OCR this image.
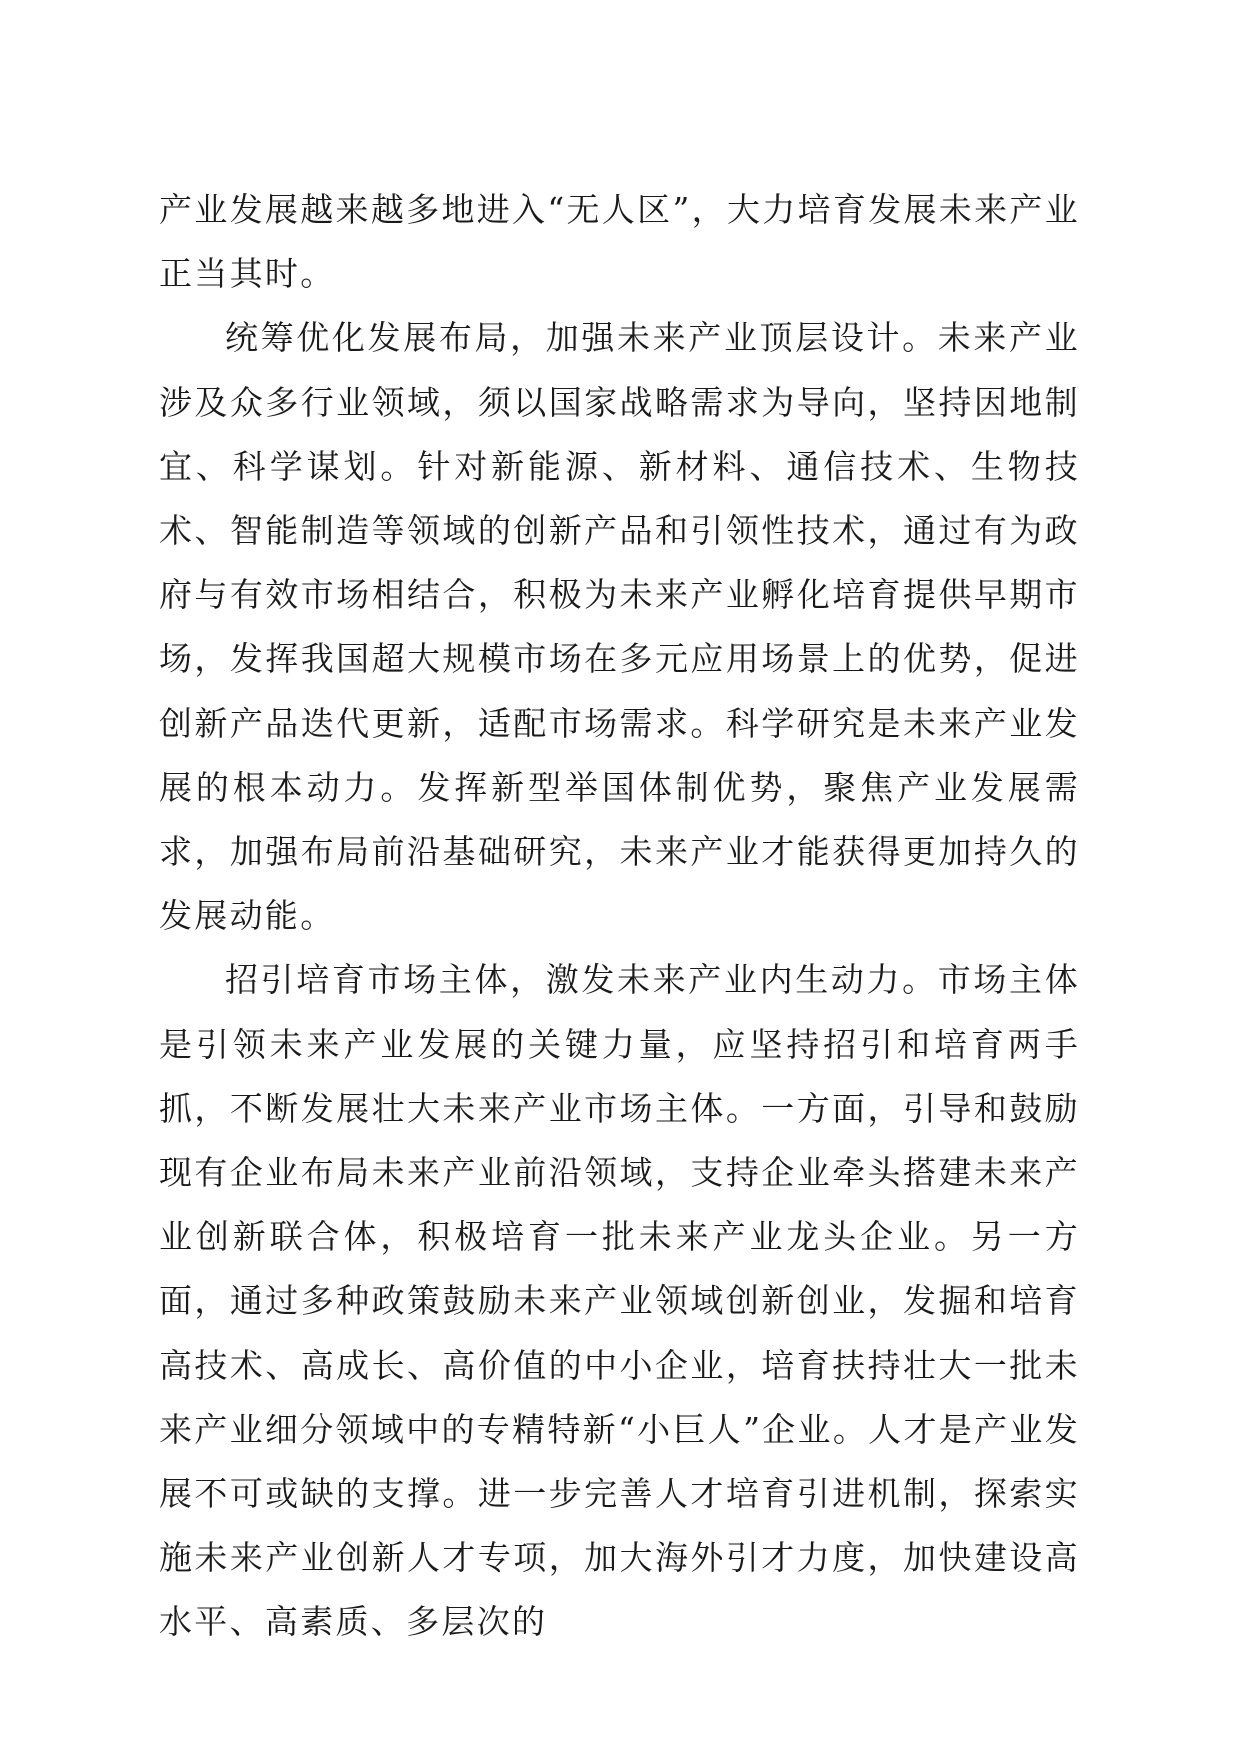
产业发展越来越多地进入“无人区”，大力培育发展未来产业正当其时。

统筹优化发展布局，加强未来产业顶层设计。未来产业涉及众多行业领域，须以国家战略需求为导向，坚持因地制宜、科学谋划。针对新能源、新材料、通信技术、生物技术、智能制造等领域的创新产品和引领性技术，通过有为政府与有效市场相结合，积极为未来产业孵化培育提供早期市场，发挥我国超大规模市场在多元应用场景上的优势，促进创新产品迭代更新，适配市场需求。科学研究是未来产业发展的根本动力。发挥新型举国体制优势，聚焦产业发展需求，加强布局前沿基础研究，未来产业才能获得更加持久的发展动能。

招引培育市场主体，激发未来产业内生动力。市场主体是引领未来产业发展的关键力量，应坚持招引和培育两手抓，不断发展壮大未来产业市场主体。一方面，引导和鼓励现有企业布局未来产业前沿领域，支持企业牵头搭建未来产业创新联合体，积极培育一批未来产业龙头企业。另一方面，通过多种政策鼓励未来产业领域创新创业，发掘和培育高技术、高成长、高价值的中小企业，培育扶持壮大一批未来产业细分领域中的专精特新“小巨人”企业。人才是产业发展不可或缺的支撑。进一步完善人才培育引进机制，探索实施未来产业创新人才专项，加大海外引才力度，加快建设高水平、高素质、多层次的
